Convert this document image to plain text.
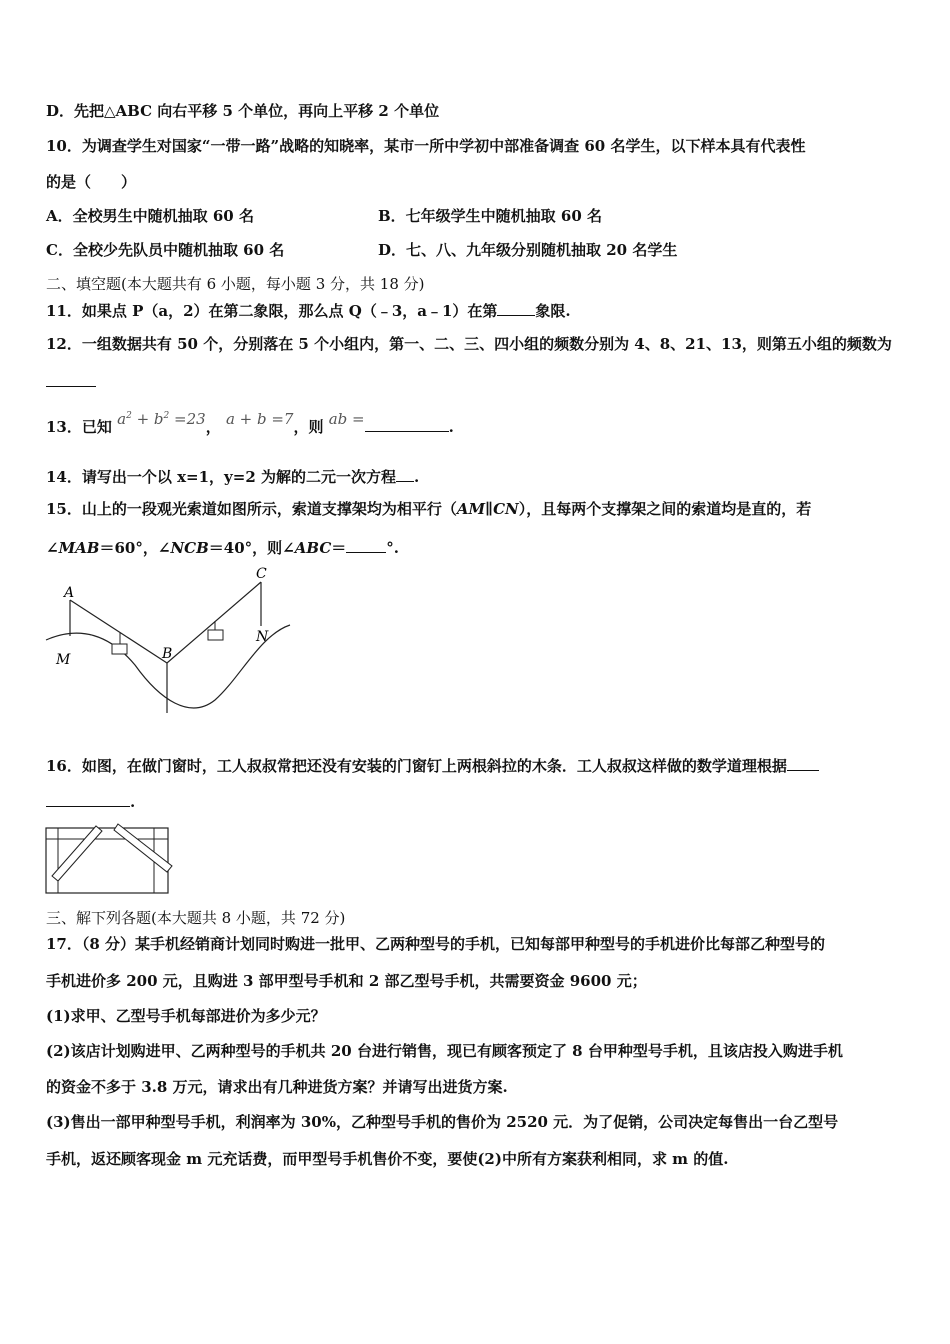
D．先把△ABC 向右平移 5 个单位，再向上平移 2 个单位
10．为调查学生对国家“一带一路”战略的知晓率，某市一所中学初中部准备调查 60 名学生，以下样本具有代表性
的是（　　）
A．全校男生中随机抽取 60 名	B．七年级学生中随机抽取 60 名
C．全校少先队员中随机抽取 60 名	D．七、八、九年级分别随机抽取 20 名学生
二、填空题(本大题共有 6 小题，每小题 3 分，共 18 分)
11．如果点 P（a，2）在第二象限，那么点 Q（﹣3，a﹣1）在第	象限.
12．一组数据共有 50 个，分别落在 5 个小组内，第一、二、三、四小组的频数分别为 4、8、21、13，则第五小组的频数为
13．已知 $a^2 + b^2 =23$， a + b =7，则 ab =	.
14．请写出一个以 x=1，y=2 为解的二元一次方程 .
15．山上的一段观光索道如图所示，索道支撑架均为相平行（AM∥CN），且每两个支撑架之间的索道均是直的，若
∠MAB＝60°，∠NCB＝40°，则∠ABC＝	°.
A
B
C
M
N
16．如图，在做门窗时，工人叔叔常把还没有安装的门窗钉上两根斜拉的木条．工人叔叔这样做的数学道理根据
.
三、解下列各题(本大题共 8 小题，共 72 分)
17．（8 分）某手机经销商计划同时购进一批甲、乙两种型号的手机，已知每部甲种型号的手机进价比每部乙种型号的
手机进价多 200 元，且购进 3 部甲型号手机和 2 部乙型号手机，共需要资金 9600 元；
(1)求甲、乙型号手机每部进价为多少元？
(2)该店计划购进甲、乙两种型号的手机共 20 台进行销售，现已有顾客预定了 8 台甲种型号手机，且该店投入购进手机
的资金不多于 3.8 万元，请求出有几种进货方案？并请写出进货方案.
(3)售出一部甲种型号手机，利润率为 30%，乙种型号手机的售价为 2520 元．为了促销，公司决定每售出一台乙型号
手机，返还顾客现金 m 元充话费，而甲型号手机售价不变，要使(2)中所有方案获利相同，求 m 的值.
